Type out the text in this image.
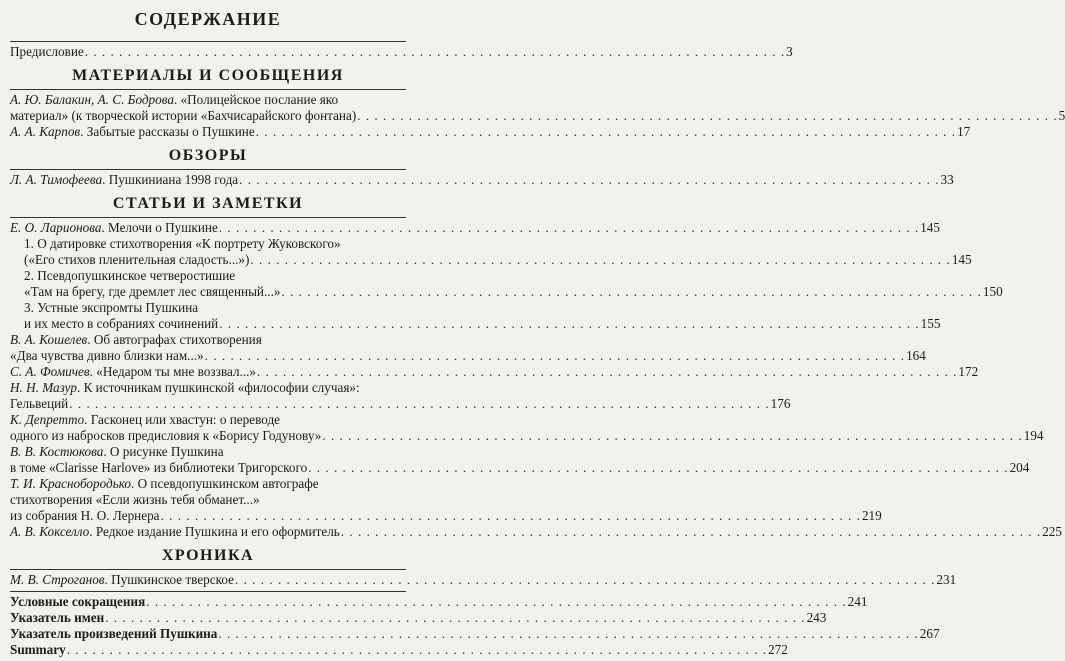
СОДЕРЖАНИЕ
Предисловие . . .	3
МАТЕРИАЛЫ И СООБЩЕНИЯ
А. Ю. Балакин, А. С. Бодрова. «Полицейское послание яко
материал» (к творческой истории «Бахчисарайского фонтана) . . .	5
А. А. Карпов. Забытые рассказы о Пушкине . . .	17
ОБЗОРЫ
Л. А. Тимофеева. Пушкиниана 1998 года . . .	33
СТАТЬИ И ЗАМЕТКИ
Е. О. Ларионова. Мелочи о Пушкине . . .	145
1. О датировке стихотворения «К портрету Жуковского»
(«Его стихов пленительная сладость...») . . .	145
2. Псевдопушкинское четверостишие
«Там на брегу, где дремлет лес священный...» . . .	150
3. Устные экспромты Пушкина
и их место в собраниях сочинений . . .	155
В. А. Кошелев. Об автографах стихотворения
«Два чувства дивно близки нам...» . . .	164
С. А. Фомичев. «Недаром ты мне воззвал...» . . .	172
Н. Н. Мазур. К источникам пушкинской «философии случая»:
Гельвеций . . .	176
К. Депретто. Гасконец или хвастун: о переводе
одного из набросков предисловия к «Борису Годунову» . . .	194
В. В. Костюкова. О рисунке Пушкина
в томе «Clarisse Harlove» из библиотеки Тригорского . . .	204
Т. И. Краснобородько. О псевдопушкинском автографе
стихотворения «Если жизнь тебя обманет...»
из собрания Н. О. Лернера . . .	219
А. В. Кокселло. Редкое издание Пушкина и его оформитель . . .	225
ХРОНИКА
М. В. Строганов. Пушкинское тверское . . .	231
Условные сокращения . . .	241
Указатель имен . . .	243
Указатель произведений Пушкина . . .	267
Summary . . .	272
